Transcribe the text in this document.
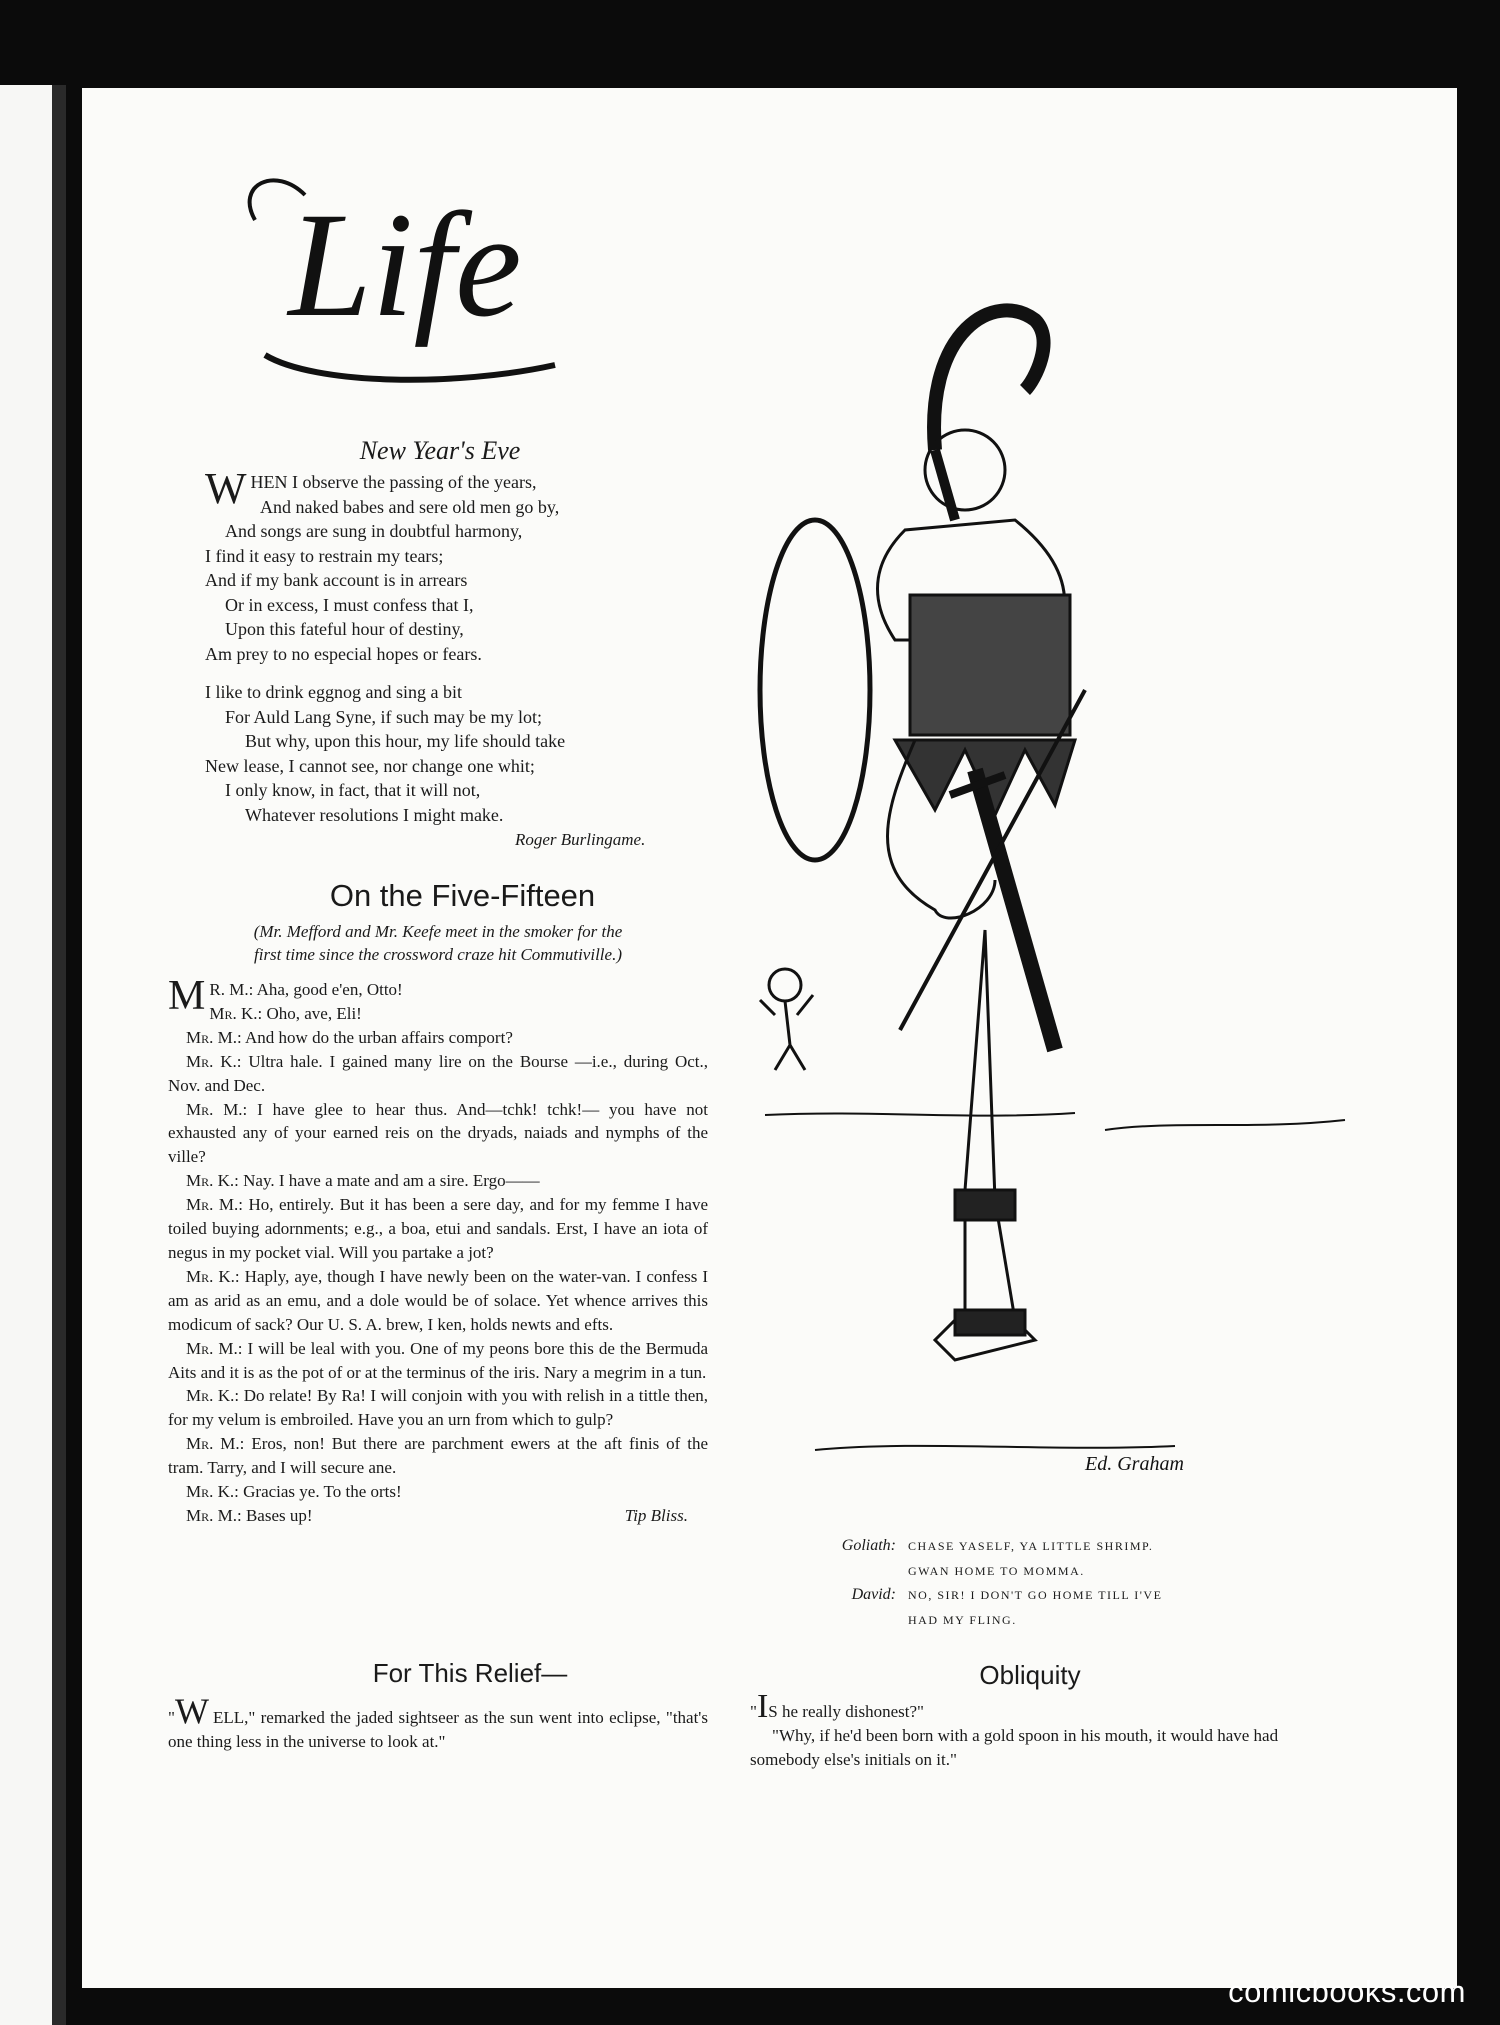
Life
New Year's Eve
WHEN I observe the passing of the years,
And naked babes and sere old men go by,
And songs are sung in doubtful harmony,
I find it easy to restrain my tears;
And if my bank account is in arrears
Or in excess, I must confess that I,
Upon this fateful hour of destiny,
Am prey to no especial hopes or fears.
I like to drink eggnog and sing a bit
For Auld Lang Syne, if such may be my lot;
But why, upon this hour, my life should take
New lease, I cannot see, nor change one whit;
I only know, in fact, that it will not,
Whatever resolutions I might make.
Roger Burlingame.
On the Five-Fifteen
(Mr. Mefford and Mr. Keefe meet in the smoker for the
first time since the crossword craze hit Commutiville.)
M R. M.: Aha, good e'en, Otto!
Mr. K.: Oho, ave, Eli!
Mr. M.: And how do the urban affairs comport?
Mr. K.: Ultra hale. I gained many lire on the Bourse —i.e., during Oct., Nov. and Dec.
Mr. M.: I have glee to hear thus. And—tchk! tchk!— you have not exhausted any of your earned reis on the dryads, naiads and nymphs of the ville?
Mr. K.: Nay. I have a mate and am a sire. Ergo——
Mr. M.: Ho, entirely. But it has been a sere day, and for my femme I have toiled buying adornments; e.g., a boa, etui and sandals. Erst, I have an iota of negus in my pocket vial. Will you partake a jot?
Mr. K.: Haply, aye, though I have newly been on the water-van. I confess I am as arid as an emu, and a dole would be of solace. Yet whence arrives this modicum of sack? Our U. S. A. brew, I ken, holds newts and efts.
Mr. M.: I will be leal with you. One of my peons bore this de the Bermuda Aits and it is as the pot of or at the terminus of the iris. Nary a megrim in a tun.
Mr. K.: Do relate! By Ra! I will conjoin with you with relish in a tittle then, for my velum is embroiled. Have you an urn from which to gulp?
Mr. M.: Eros, non! But there are parchment ewers at the aft finis of the tram. Tarry, and I will secure ane.
Mr. K.: Gracias ye. To the orts!
Mr. M.: Bases up!	Tip Bliss.
For This Relief—
"W ELL," remarked the jaded sightseer as the sun went into eclipse, "that's one thing less in the universe to look at."
Obliquity
"IS he really dishonest?"
"Why, if he'd been born with a gold spoon in his mouth, it would have had somebody else's initials on it."
Ed. Graham
Goliath: CHASE YASELF, YA LITTLE SHRIMP.
GWAN HOME TO MOMMA.
David: NO, SIR! I DON'T GO HOME TILL I'VE
HAD MY FLING.
comicbooks.com
